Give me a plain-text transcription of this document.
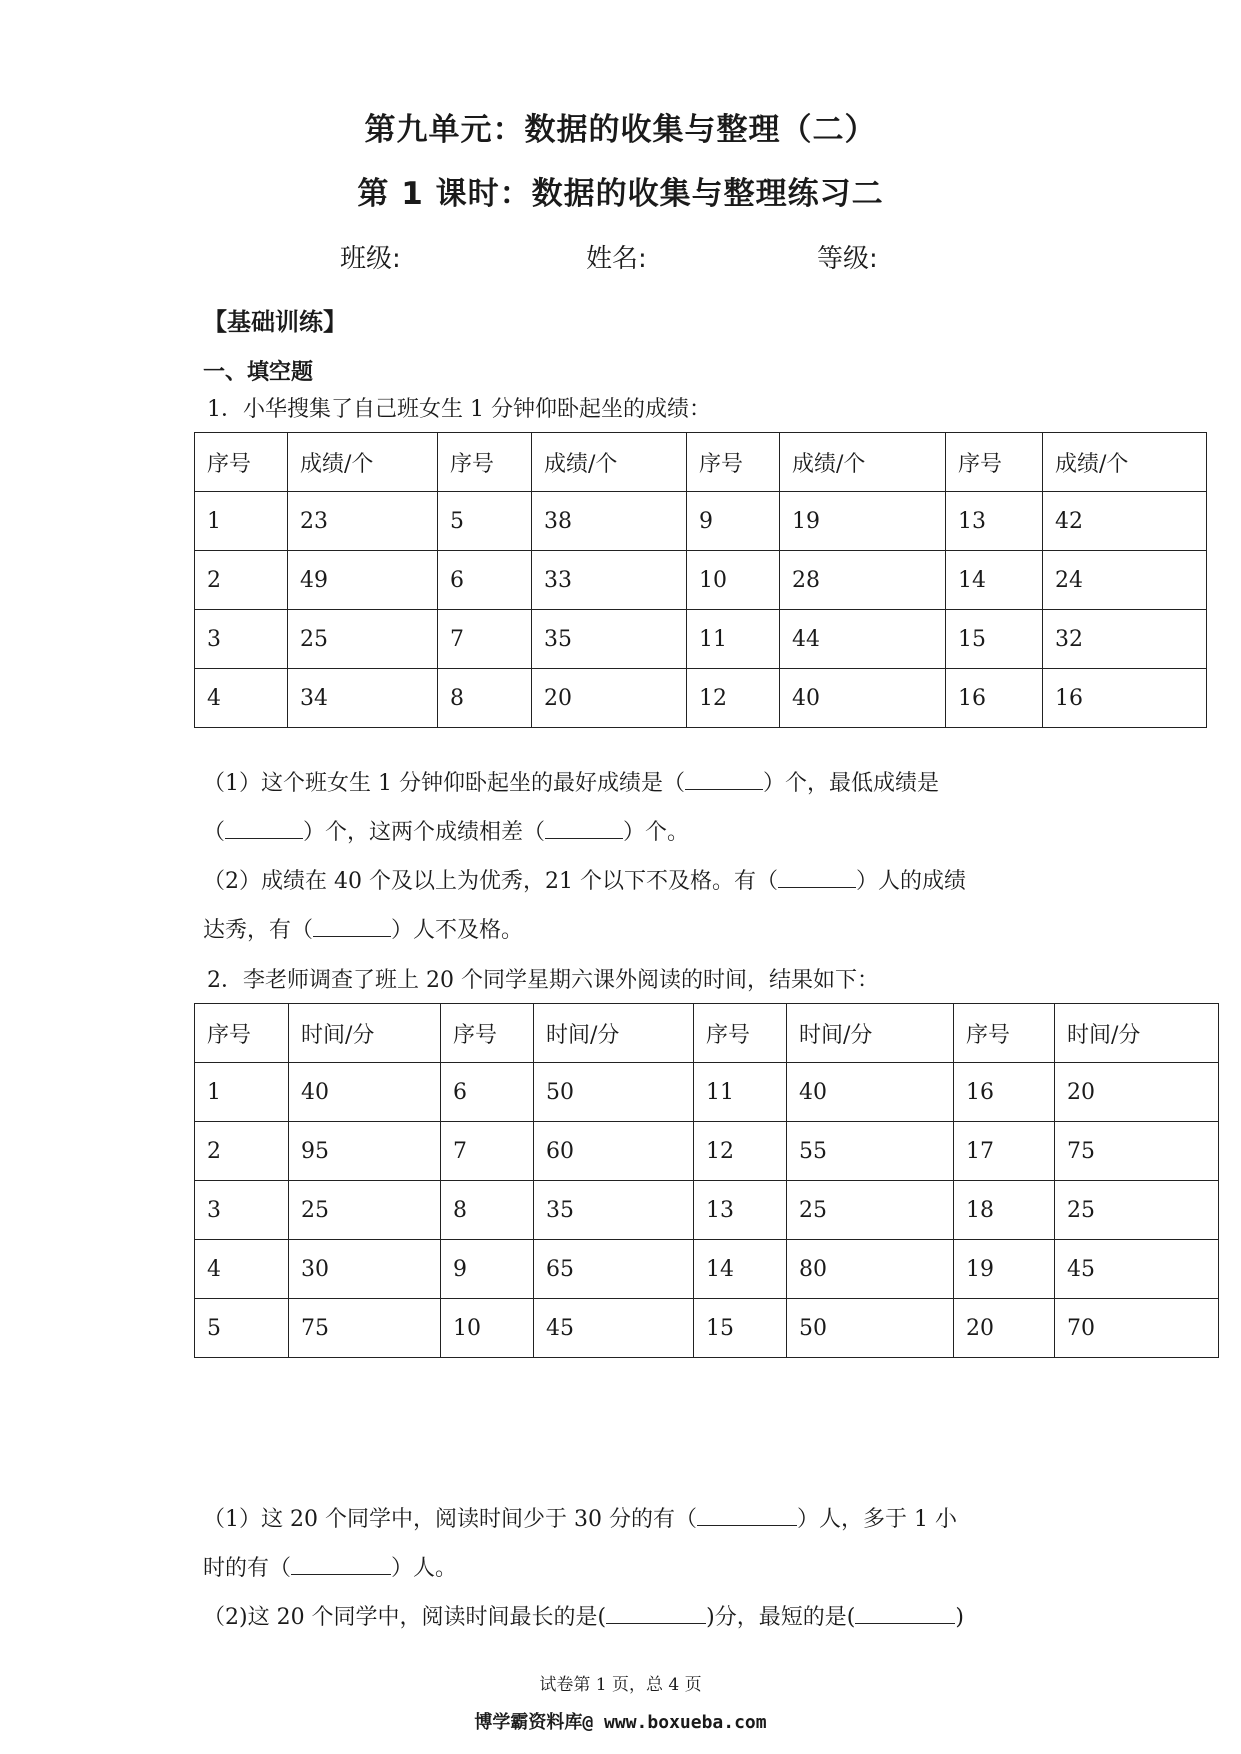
第九单元：数据的收集与整理（二）
第 1 课时：数据的收集与整理练习二
班级:	姓名:	等级:
【基础训练】
一、填空题
1．小华搜集了自己班女生 1 分钟仰卧起坐的成绩：
序号	成绩/个	序号	成绩/个	序号	成绩/个	序号	成绩/个
1	23	5	38	9	19	13	42
2	49	6	33	10	28	14	24
3	25	7	35	11	44	15	32
4	34	8	20	12	40	16	16
（1）这个班女生 1 分钟仰卧起坐的最好成绩是（	）个，最低成绩是
（	）个，这两个成绩相差（	）个。
（2）成绩在 40 个及以上为优秀，21 个以下不及格。有（	）人的成绩
达秀，有（	）人不及格。
2．李老师调查了班上 20 个同学星期六课外阅读的时间，结果如下：
序号	时间/分	序号	时间/分	序号	时间/分	序号	时间/分
1	40	6	50	11	40	16	20
2	95	7	60	12	55	17	75
3	25	8	35	13	25	18	25
4	30	9	65	14	80	19	45
5	75	10	45	15	50	20	70
（1）这 20 个同学中，阅读时间少于 30 分的有（	）人，多于 1 小
时的有（	）人。
（2)这 20 个同学中，阅读时间最长的是(	)分，最短的是(	)
试卷第 1 页，总 4 页
博学霸资料库@ www.boxueba.com
